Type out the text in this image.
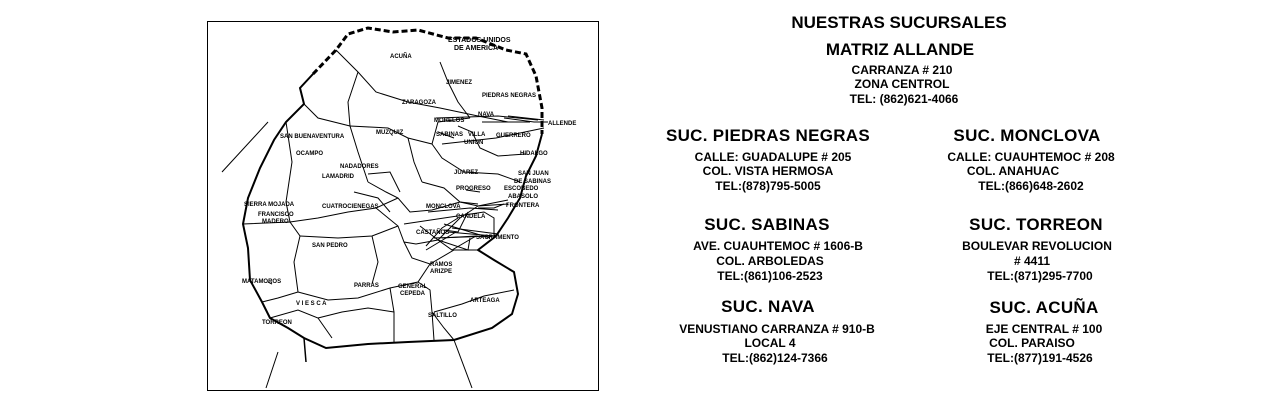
ESTADOS UNIDOS
DE AMERICA
ACUÑA
JIMENEZ
PIEDRAS NEGRAS
ZARAGOZA
NAVA
ALLENDE
MORELOS
SAN BUENAVENTURA
MUZQUIZ	SABINAS VILLA
UNION
GUERRERO
HIDALGO
OCAMPO
NADADORES
JUAREZ	SAN JUAN
DE SABINAS
LAMADRID
PROGRESO ESCOBEDO
ABASOLO
SIERRA MOJADA	CUATROCIENEGAS	MONCLOVA	FRONTERA
FRANCISCO
MADERO
CANDELA
CASTAÑOS
SACRAMENTO
SAN PEDRO
RAMOS
ARIZPE
MATAMOROS
PARRAS	GENERAL
CEPEDA
ARTEAGA
V I E S C A
SALTILLO
TORREON
NUESTRAS SUCURSALES
MATRIZ ALLANDE
CARRANZA # 210
ZONA CENTROL
TEL: (862)621-4066
SUC. PIEDRAS NEGRAS
CALLE: GUADALUPE # 205
COL. VISTA HERMOSA
TEL:(878)795-5005
SUC. MONCLOVA
CALLE: CUAUHTEMOC # 208
COL. ANAHUAC
TEL:(866)648-2602
SUC. SABINAS
AVE. CUAUHTEMOC # 1606-B
COL. ARBOLEDAS
TEL:(861)106-2523
SUC. TORREON
BOULEVAR REVOLUCION
# 4411
TEL:(871)295-7700
SUC. NAVA
VENUSTIANO CARRANZA # 910-B
LOCAL 4
TEL:(862)124-7366
SUC. ACUÑA
EJE CENTRAL # 100
COL. PARAISO
TEL:(877)191-4526
